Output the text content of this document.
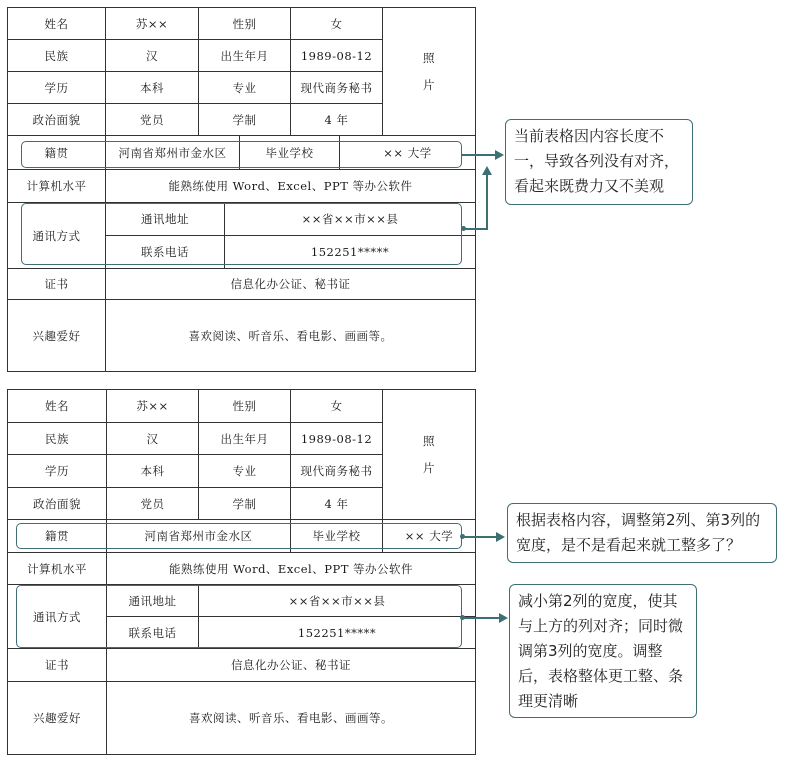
姓名	苏××	性别	女
照
片
民族	汉	出生年月	1989-08-12
学历	本科	专业	现代商务秘书
政治面貌	党员	学制	4 年
籍贯	河南省郑州市金水区	毕业学校	×× 大学
计算机水平	能熟练使用 Word、Excel、PPT 等办公软件
通讯方式
通讯地址	××省××市××县
联系电话	152251*****
证书	信息化办公证、秘书证
兴趣爱好	喜欢阅读、听音乐、看电影、画画等。
当前表格因内容长度不一，导致各列没有对齐，看起来既费力又不美观
姓名	苏××	性别	女
照
片
民族	汉	出生年月	1989-08-12
学历	本科	专业	现代商务秘书
政治面貌	党员	学制	4 年
籍贯	河南省郑州市金水区	毕业学校	×× 大学
计算机水平	能熟练使用 Word、Excel、PPT 等办公软件
通讯方式
通讯地址	××省××市××县
联系电话	152251*****
证书	信息化办公证、秘书证
兴趣爱好	喜欢阅读、听音乐、看电影、画画等。
根据表格内容，调整第2列、第3列的宽度，是不是看起来就工整多了？
减小第2列的宽度，使其与上方的列对齐；同时微调第3列的宽度。调整后，表格整体更工整、条理更清晰
